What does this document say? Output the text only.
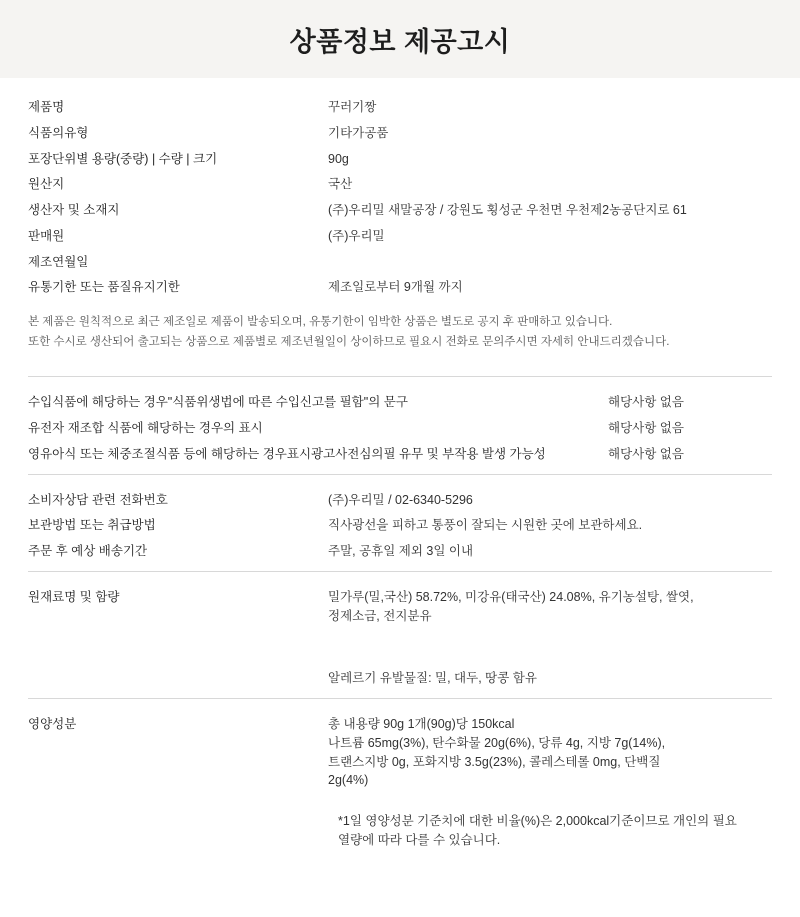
상품정보 제공고시
제품명	꾸러기짱
식품의유형	기타가공품
포장단위별 용량(중량) | 수량 | 크기	90g
원산지	국산
생산자 및 소재지	(주)우리밀 새말공장 / 강원도 횡성군 우천면 우천제2농공단지로 61
판매원	(주)우리밀
제조연월일
유통기한 또는 품질유지기한	제조일로부터 9개월 까지
본 제품은 원칙적으로 최근 제조일로 제품이 발송되오며, 유통기한이 임박한 상품은 별도로 공지 후 판매하고 있습니다.
또한 수시로 생산되어 출고되는 상품으로 제품별로 제조년월일이 상이하므로 필요시 전화로 문의주시면 자세히 안내드리겠습니다.
수입식품에 해당하는 경우"식품위생법에 따른 수입신고를 필함"의 문구	해당사항 없음
유전자 재조합 식품에 해당하는 경우의 표시	해당사항 없음
영유아식 또는 체중조절식품 등에 해당하는 경우표시광고사전심의필 유무 및 부작용 발생 가능성	해당사항 없음
소비자상담 관련 전화번호	(주)우리밀 / 02-6340-5296
보관방법 또는 취급방법	직사광선을 피하고 통풍이 잘되는 시원한 곳에 보관하세요.
주문 후 예상 배송기간	주말, 공휴일 제외 3일 이내
원재료명 및 함량	밀가루(밀,국산) 58.72%, 미강유(태국산) 24.08%, 유기농설탕, 쌀엿,
정제소금, 전지분유
알레르기 유발물질: 밀, 대두, 땅콩 함유
영양성분	총 내용량 90g 1개(90g)당 150kcal
나트륨 65mg(3%), 탄수화물 20g(6%), 당류 4g, 지방 7g(14%),
트랜스지방 0g, 포화지방 3.5g(23%), 콜레스테롤 0mg, 단백질
2g(4%)
*1일 영양성분 기준치에 대한 비율(%)은 2,000kcal기준이므로 개인의 필요
열량에 따라 다를 수 있습니다.
